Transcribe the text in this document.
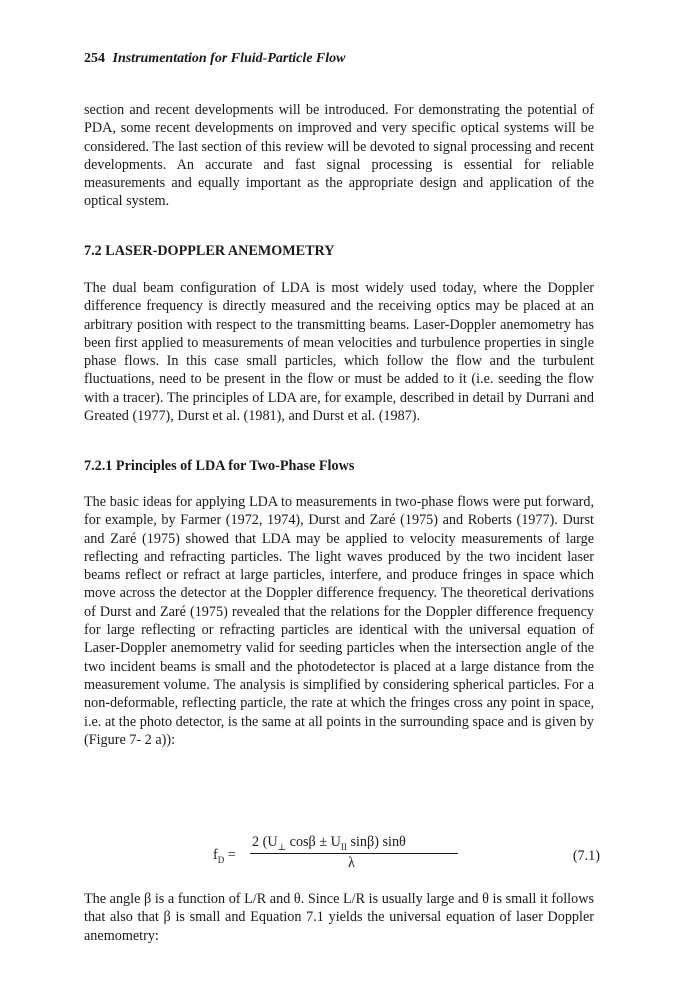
254 Instrumentation for Fluid-Particle Flow

section and recent developments will be introduced. For demonstrating the potential of PDA, some recent developments on improved and very specific optical systems will be considered. The last section of this review will be devoted to signal processing and recent developments. An accurate and fast signal processing is essential for reliable measurements and equally important as the appropriate design and application of the optical system.

7.2 LASER-DOPPLER ANEMOMETRY

The dual beam configuration of LDA is most widely used today, where the Doppler difference frequency is directly measured and the receiving optics may be placed at an arbitrary position with respect to the transmitting beams. Laser-Doppler anemometry has been first applied to measurements of mean velocities and turbulence properties in single phase flows. In this case small particles, which follow the flow and the turbulent fluctuations, need to be present in the flow or must be added to it (i.e. seeding the flow with a tracer). The principles of LDA are, for example, described in detail by Durrani and Greated (1977), Durst et al. (1981), and Durst et al. (1987).

7.2.1 Principles of LDA for Two-Phase Flows

The basic ideas for applying LDA to measurements in two-phase flows were put forward, for example, by Farmer (1972, 1974), Durst and Zaré (1975) and Roberts (1977). Durst and Zaré (1975) showed that LDA may be applied to velocity measurements of large reflecting and refracting particles. The light waves produced by the two incident laser beams reflect or refract at large particles, interfere, and produce fringes in space which move across the detector at the Doppler difference frequency. The theoretical derivations of Durst and Zaré (1975) revealed that the relations for the Doppler difference frequency for large reflecting or refracting particles are identical with the universal equation of Laser-Doppler anemometry valid for seeding particles when the intersection angle of the two incident beams is small and the photodetector is placed at a large distance from the measurement volume. The analysis is simplified by considering spherical particles. For a non-deformable, reflecting particle, the rate at which the fringes cross any point in space, i.e. at the photo detector, is the same at all points in the surrounding space and is given by (Figure 7- 2 a)):

$f_D$ =
2 ($U_\perp$ $\cos\beta \pm U_{II}$ sinβ) sinθ
λ	(7.1)

The angle β is a function of L/R and θ. Since L/R is usually large and θ is small it follows that also that β is small and Equation 7.1 yields the universal equation of laser Doppler anemometry:
